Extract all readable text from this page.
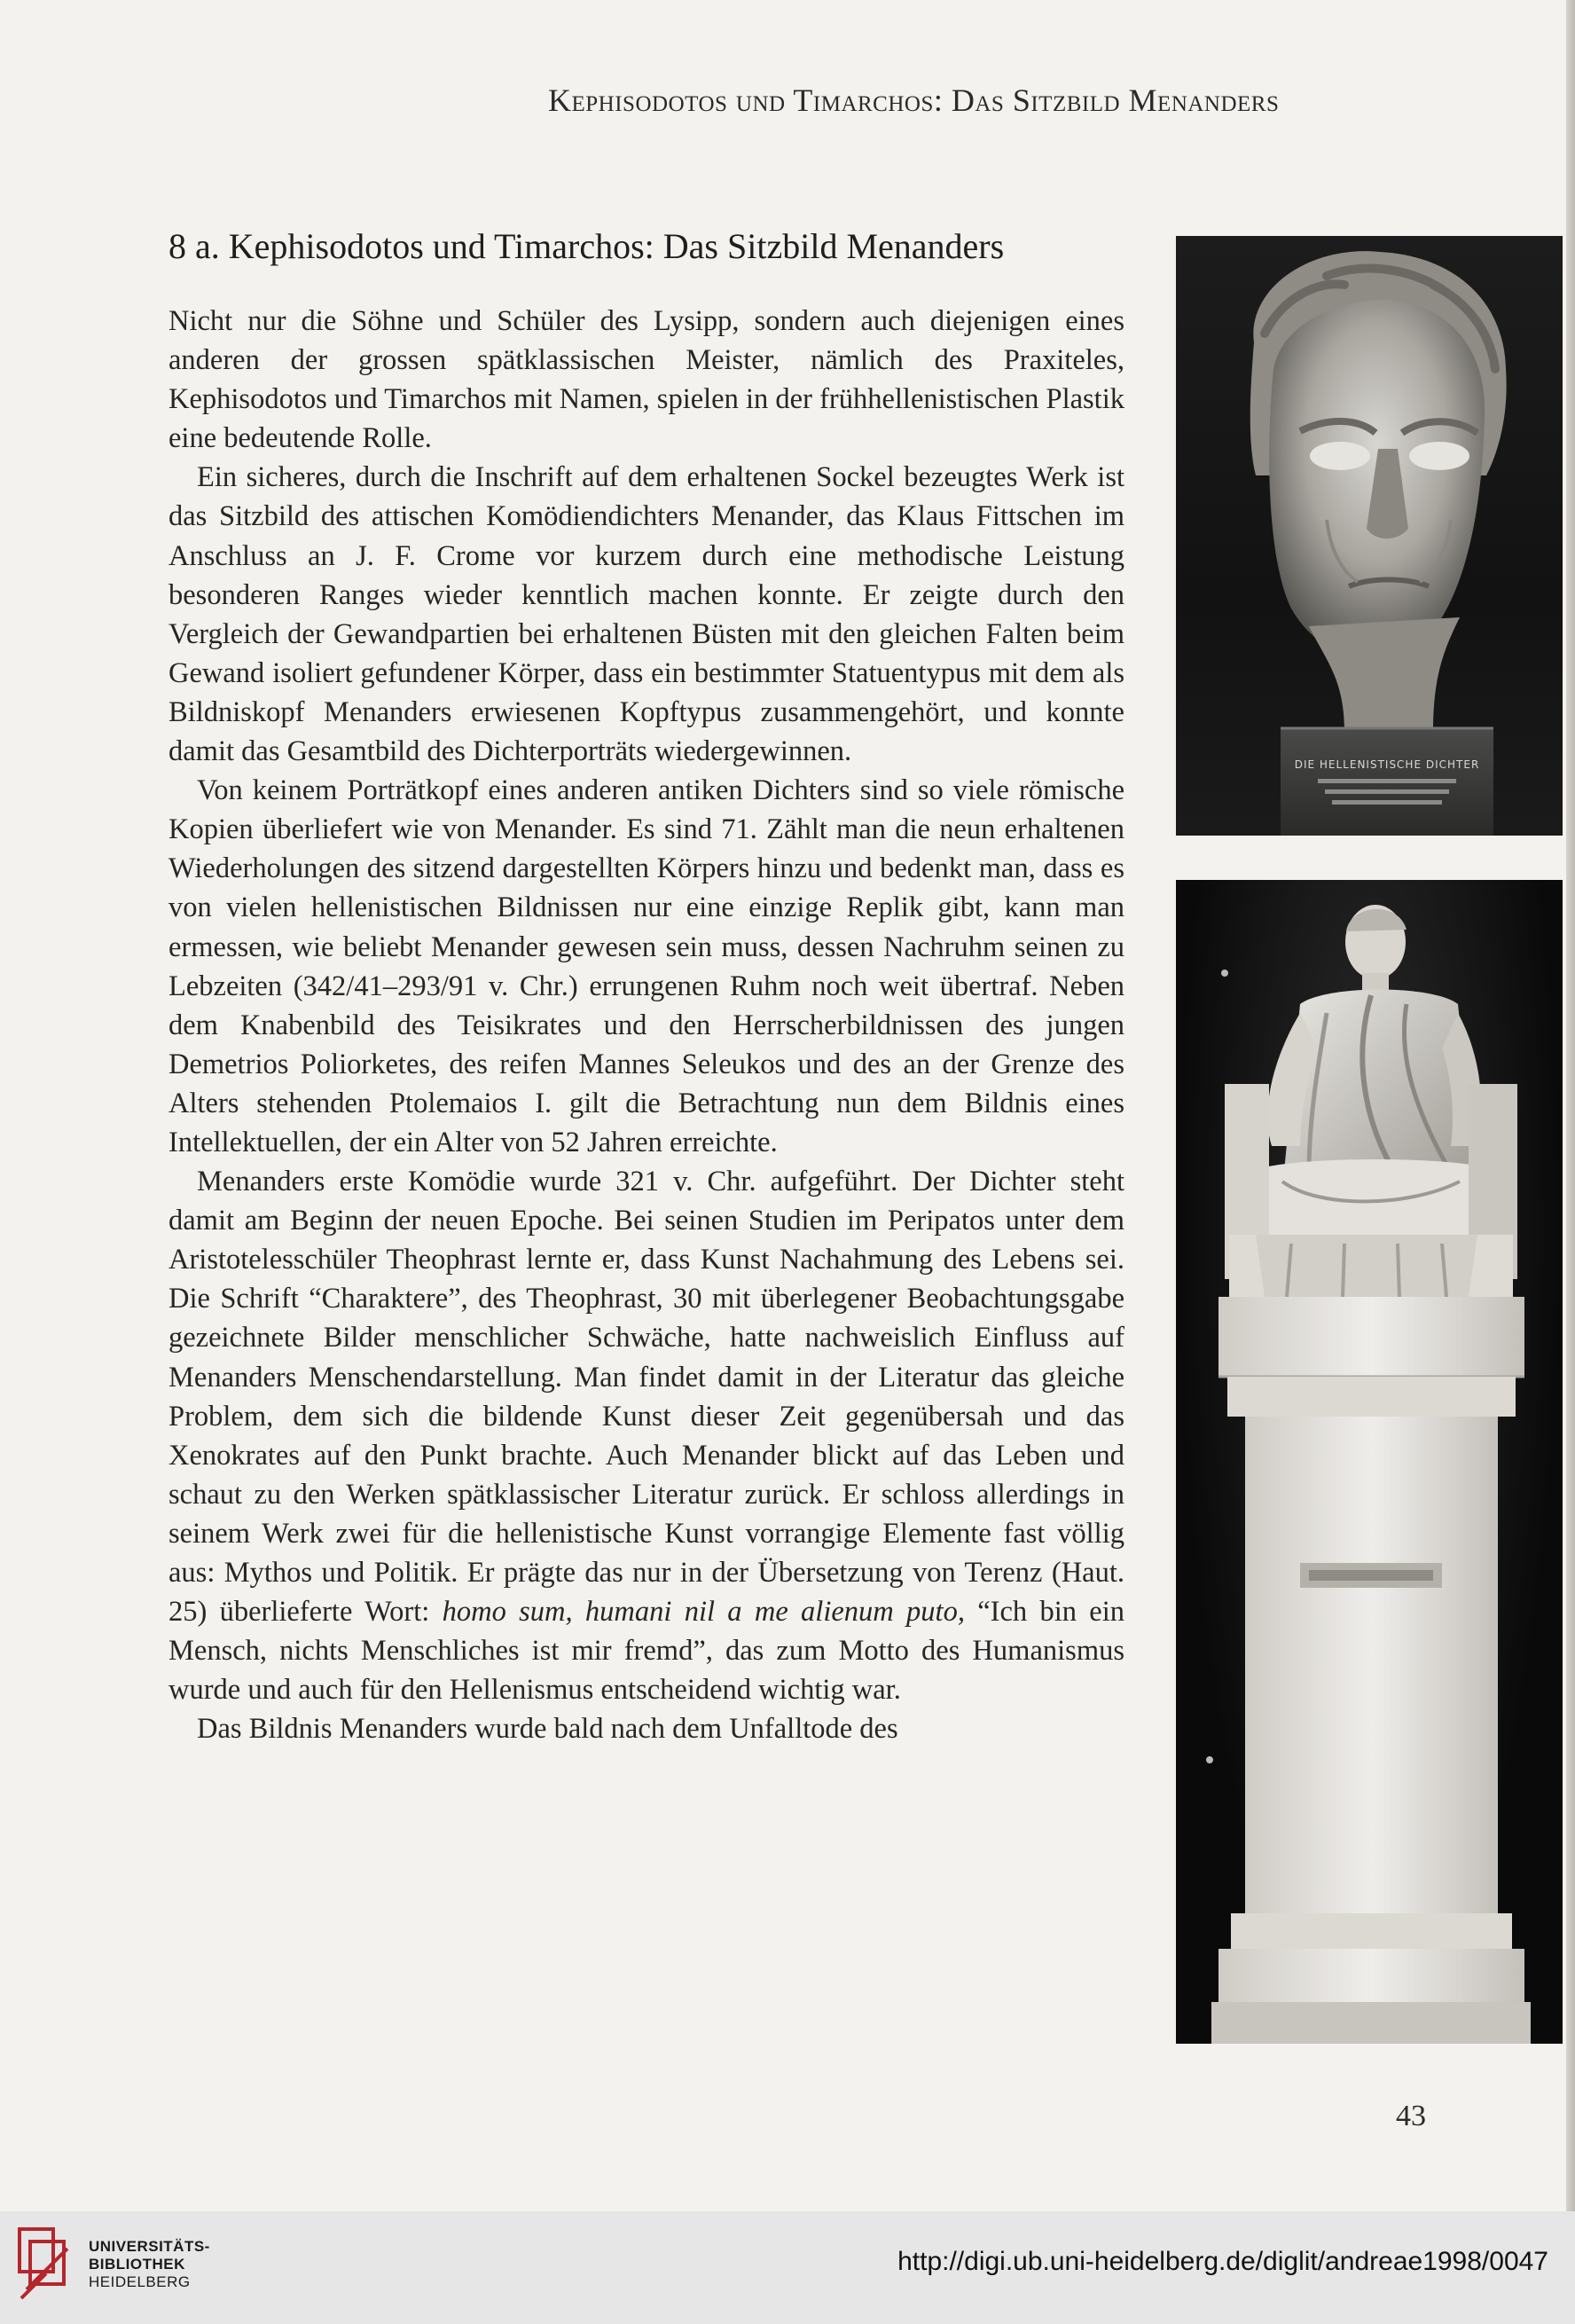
Kephisodotos und Timarchos: Das Sitzbild Menanders
8 a. Kephisodotos und Timarchos: Das Sitzbild Menanders

Nicht nur die Söhne und Schüler des Lysipp, sondern auch diejenigen eines anderen der grossen spätklassischen Meister, nämlich des Praxiteles, Kephisodotos und Timarchos mit Namen, spielen in der frühhellenistischen Plastik eine bedeutende Rolle.

Ein sicheres, durch die Inschrift auf dem erhaltenen Sockel bezeugtes Werk ist das Sitzbild des attischen Komödiendichters Menander, das Klaus Fittschen im Anschluss an J. F. Crome vor kurzem durch eine methodische Leistung besonderen Ranges wieder kenntlich machen konnte. Er zeigte durch den Vergleich der Gewandpartien bei erhaltenen Büsten mit den gleichen Falten beim Gewand isoliert gefundener Körper, dass ein bestimmter Statuentypus mit dem als Bildniskopf Menanders erwiesenen Kopftypus zusammengehört, und konnte damit das Gesamtbild des Dichterporträts wiedergewinnen.

Von keinem Porträtkopf eines anderen antiken Dichters sind so viele römische Kopien überliefert wie von Menander. Es sind 71. Zählt man die neun erhaltenen Wiederholungen des sitzend dargestellten Körpers hinzu und bedenkt man, dass es von vielen hellenistischen Bildnissen nur eine einzige Replik gibt, kann man ermessen, wie beliebt Menander gewesen sein muss, dessen Nachruhm seinen zu Lebzeiten (342/41–293/91 v. Chr.) errungenen Ruhm noch weit übertraf. Neben dem Knabenbild des Teisikrates und den Herrscherbildnissen des jungen Demetrios Poliorketes, des reifen Mannes Seleukos und des an der Grenze des Alters stehenden Ptolemaios I. gilt die Betrachtung nun dem Bildnis eines Intellektuellen, der ein Alter von 52 Jahren erreichte.

Menanders erste Komödie wurde 321 v. Chr. aufgeführt. Der Dichter steht damit am Beginn der neuen Epoche. Bei seinen Studien im Peripatos unter dem Aristotelesschüler Theophrast lernte er, dass Kunst Nachahmung des Lebens sei. Die Schrift “Charaktere”, des Theophrast, 30 mit überlegener Beobachtungsgabe gezeichnete Bilder menschlicher Schwäche, hatte nachweislich Einfluss auf Menanders Menschendarstellung. Man findet damit in der Literatur das gleiche Problem, dem sich die bildende Kunst dieser Zeit gegenübersah und das Xenokrates auf den Punkt brachte. Auch Menander blickt auf das Leben und schaut zu den Werken spätklassischer Literatur zurück. Er schloss allerdings in seinem Werk zwei für die hellenistische Kunst vorrangige Elemente fast völlig aus: Mythos und Politik. Er prägte das nur in der Übersetzung von Terenz (Haut. 25) überlieferte Wort: homo sum, humani nil a me alienum puto, “Ich bin ein Mensch, nichts Menschliches ist mir fremd”, das zum Motto des Humanismus wurde und auch für den Hellenismus entscheidend wichtig war.

Das Bildnis Menanders wurde bald nach dem Unfalltode des

DIE HELLENISTISCHE DICHTER
43
UNIVERSITÄTS-
BIBLIOTHEK
HEIDELBERG
http://digi.ub.uni-heidelberg.de/diglit/andreae1998/0047
